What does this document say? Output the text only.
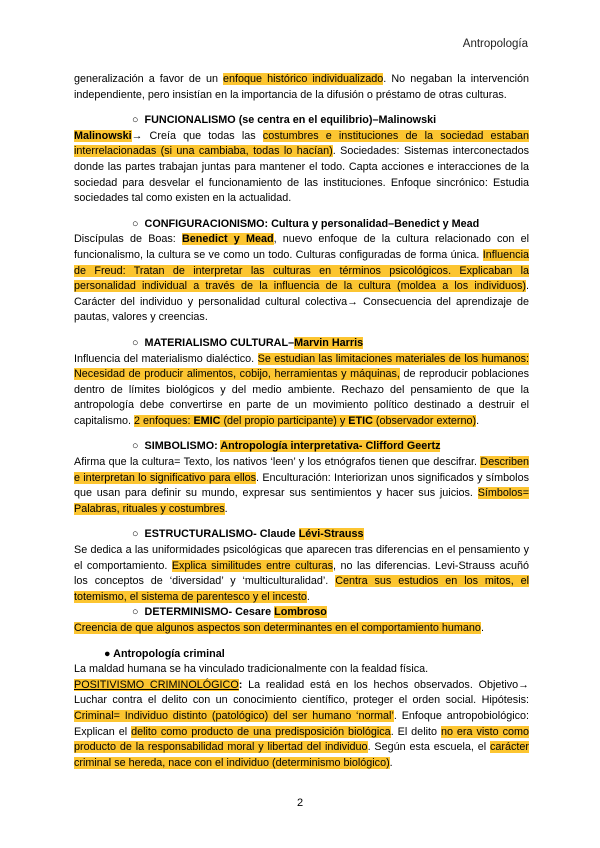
Antropología

generalización a favor de un enfoque histórico individualizado. No negaban la intervención independiente, pero insistían en la importancia de la difusión o préstamo de otras culturas.

○ FUNCIONALISMO (se centra en el equilibrio)–Malinowski

Malinowski→ Creía que todas las costumbres e instituciones de la sociedad estaban interrelacionadas (si una cambiaba, todas lo hacían). Sociedades: Sistemas interconectados donde las partes trabajan juntas para mantener el todo. Capta acciones e interacciones de la sociedad para desvelar el funcionamiento de las instituciones. Enfoque sincrónico: Estudia sociedades tal como existen en la actualidad.

○ CONFIGURACIONISMO: Cultura y personalidad–Benedict y Mead

Discípulas de Boas: Benedict y Mead, nuevo enfoque de la cultura relacionado con el funcionalismo, la cultura se ve como un todo. Culturas configuradas de forma única. Influencia de Freud: Tratan de interpretar las culturas en términos psicológicos. Explicaban la personalidad individual a través de la influencia de la cultura (moldea a los individuos). Carácter del individuo y personalidad cultural colectiva→ Consecuencia del aprendizaje de pautas, valores y creencias.

○ MATERIALISMO CULTURAL–Marvin Harris

Influencia del materialismo dialéctico. Se estudian las limitaciones materiales de los humanos: Necesidad de producir alimentos, cobijo, herramientas y máquinas, de reproducir poblaciones dentro de límites biológicos y del medio ambiente. Rechazo del pensamiento de que la antropología debe convertirse en parte de un movimiento político destinado a destruir el capitalismo. 2 enfoques: EMIC (del propio participante) y ETIC (observador externo).

○ SIMBOLISMO: Antropología interpretativa- Clifford Geertz

Afirma que la cultura= Texto, los nativos ‘leen’ y los etnógrafos tienen que descifrar. Describen e interpretan lo significativo para ellos. Enculturación: Interiorizan unos significados y símbolos que usan para definir su mundo, expresar sus sentimientos y hacer sus juicios. Símbolos= Palabras, rituales y costumbres.

○ ESTRUCTURALISMO- Claude Lévi-Strauss

Se dedica a las uniformidades psicológicas que aparecen tras diferencias en el pensamiento y el comportamiento. Explica similitudes entre culturas, no las diferencias. Levi-Strauss acuñó los conceptos de ‘diversidad’ y ‘multiculturalidad’. Centra sus estudios en los mitos, el totemismo, el sistema de parentesco y el incesto.

○ DETERMINISMO- Cesare Lombroso

Creencia de que algunos aspectos son determinantes en el comportamiento humano.

● Antropología criminal

La maldad humana se ha vinculado tradicionalmente con la fealdad física.

POSITIVISMO CRIMINOLÓGICO: La realidad está en los hechos observados. Objetivo→ Luchar contra el delito con un conocimiento científico, proteger el orden social. Hipótesis: Criminal= Individuo distinto (patológico) del ser humano ‘normal’. Enfoque antropobiológico: Explican el delito como producto de una predisposición biológica. El delito no era visto como producto de la responsabilidad moral y libertad del individuo. Según esta escuela, el carácter criminal se hereda, nace con el individuo (determinismo biológico).

2
